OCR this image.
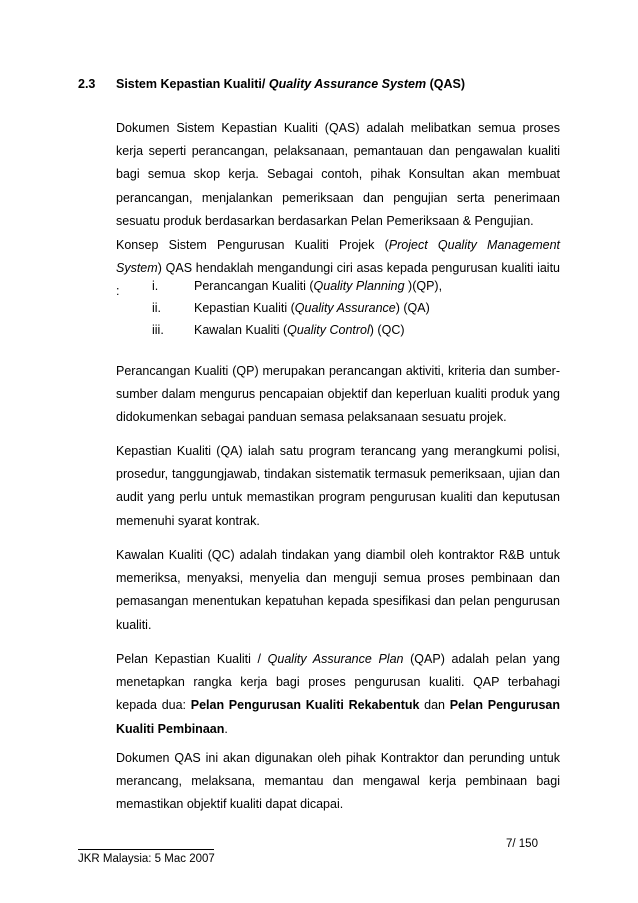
2.3 Sistem Kepastian Kualiti/ Quality Assurance System (QAS)
Dokumen Sistem Kepastian Kualiti (QAS) adalah melibatkan semua proses kerja seperti perancangan, pelaksanaan, pemantauan dan pengawalan kualiti bagi semua skop kerja. Sebagai contoh, pihak Konsultan akan membuat perancangan, menjalankan pemeriksaan dan pengujian serta penerimaan sesuatu produk berdasarkan berdasarkan Pelan Pemeriksaan & Pengujian.
Konsep Sistem Pengurusan Kualiti Projek (Project Quality Management System) QAS hendaklah mengandungi ciri asas kepada pengurusan kualiti iaitu :	i.	Perancangan Kualiti (Quality Planning )(QP),
ii.	Kepastian Kualiti (Quality Assurance) (QA)
iii. Kawalan Kualiti (Quality Control) (QC)
Perancangan Kualiti (QP) merupakan perancangan aktiviti, kriteria dan sumber-sumber dalam mengurus pencapaian objektif dan keperluan kualiti produk yang didokumenkan sebagai panduan semasa pelaksanaan sesuatu projek.
Kepastian Kualiti (QA) ialah satu program terancang yang merangkumi polisi, prosedur, tanggungjawab, tindakan sistematik termasuk pemeriksaan, ujian dan audit yang perlu untuk memastikan program pengurusan kualiti dan keputusan memenuhi syarat kontrak.
Kawalan Kualiti (QC) adalah tindakan yang diambil oleh kontraktor R&B untuk memeriksa, menyaksi, menyelia dan menguji semua proses pembinaan dan pemasangan menentukan kepatuhan kepada spesifikasi dan pelan pengurusan kualiti.
Pelan Kepastian Kualiti / Quality Assurance Plan (QAP) adalah pelan yang menetapkan rangka kerja bagi proses pengurusan kualiti. QAP terbahagi kepada dua: Pelan Pengurusan Kualiti Rekabentuk dan Pelan Pengurusan Kualiti Pembinaan.
Dokumen QAS ini akan digunakan oleh pihak Kontraktor dan perunding untuk merancang, melaksana, memantau dan mengawal kerja pembinaan bagi memastikan objektif kualiti dapat dicapai.
7/ 150
JKR Malaysia: 5 Mac 2007
